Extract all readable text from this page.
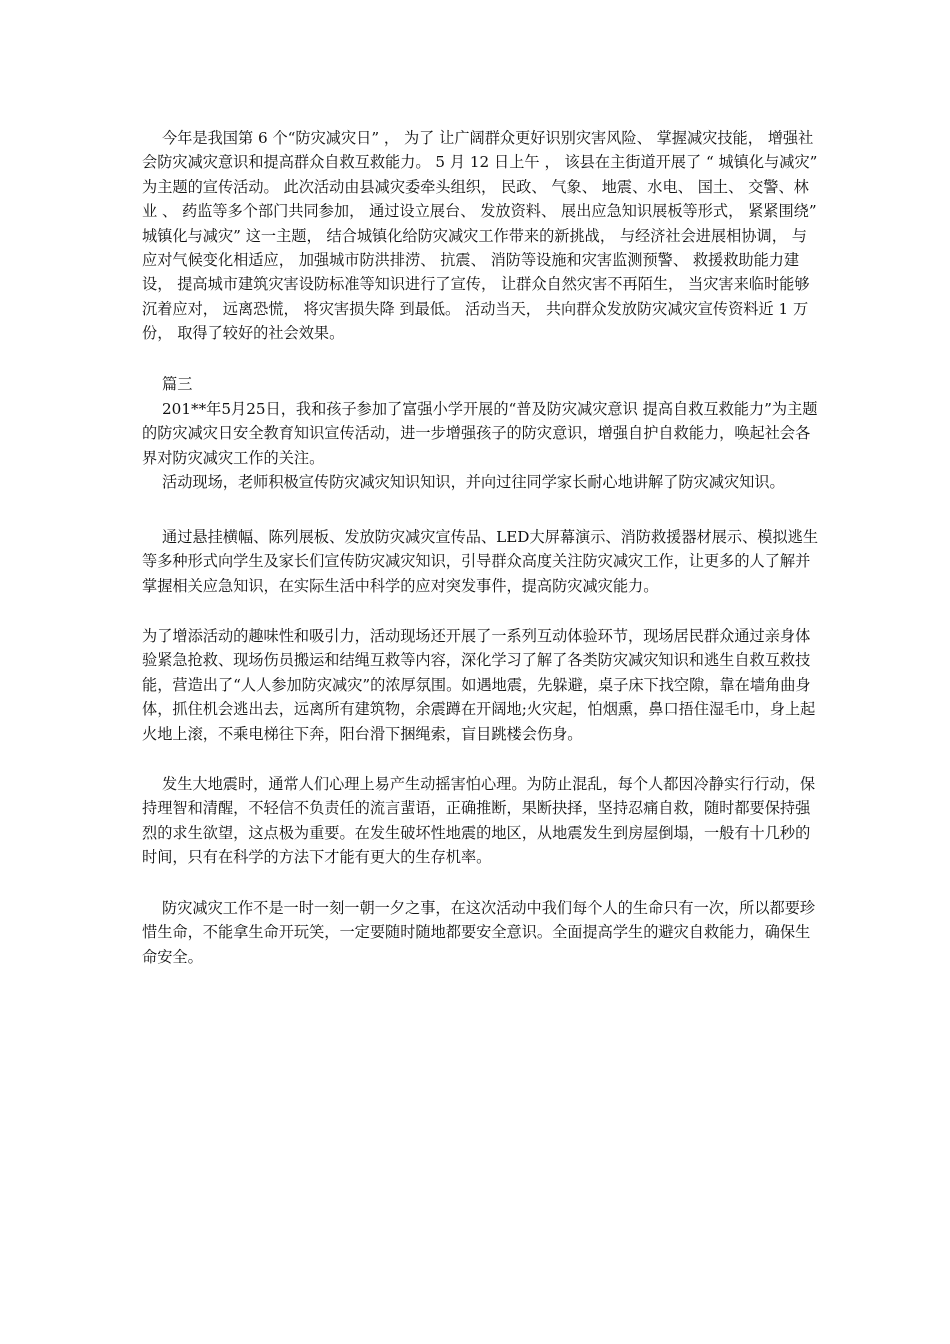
今年是我国第 6 个“防灾减灾日” ， 为了 让广阔群众更好识别灾害风险、 掌握减灾技能， 增强社会防灾减灾意识和提高群众自救互救能力。 5 月 12 日上午 ， 该县在主街道开展了 “ 城镇化与减灾” 为主题的宣传活动。 此次活动由县减灾委牵头组织， 民政、 气象、 地震、水电、 国土、 交警、林业 、 药监等多个部门共同参加， 通过设立展台、 发放资料、 展出应急知识展板等形式， 紧紧围绕” 城镇化与减灾” 这一主题， 结合城镇化给防灾减灾工作带来的新挑战， 与经济社会进展相协调， 与应对气候变化相适应， 加强城市防洪排涝、 抗震、 消防等设施和灾害监测预警、 救援救助能力建设， 提高城市建筑灾害设防标准等知识进行了宣传， 让群众自然灾害不再陌生， 当灾害来临时能够沉着应对， 远离恐慌， 将灾害损失降 到最低。 活动当天， 共向群众发放防灾减灾宣传资料近 1 万份， 取得了较好的社会效果。

篇三

201**年5月25日，我和孩子参加了富强小学开展的“普及防灾减灾意识 提高自救互救能力”为主题的防灾减灾日安全教育知识宣传活动，进一步增强孩子的防灾意识，增强自护自救能力，唤起社会各界对防灾减灾工作的关注。

活动现场，老师积极宣传防灾减灾知识知识，并向过往同学家长耐心地讲解了防灾减灾知识。

通过悬挂横幅、陈列展板、发放防灾减灾宣传品、LED大屏幕演示、消防救援器材展示、模拟逃生等多种形式向学生及家长们宣传防灾减灾知识，引导群众高度关注防灾减灾工作，让更多的人了解并掌握相关应急知识，在实际生活中科学的应对突发事件，提高防灾减灾能力。

为了增添活动的趣味性和吸引力，活动现场还开展了一系列互动体验环节，现场居民群众通过亲身体验紧急抢救、现场伤员搬运和结绳互救等内容，深化学习了解了各类防灾减灾知识和逃生自救互救技能，营造出了“人人参加防灾减灾”的浓厚氛围。如遇地震，先躲避，桌子床下找空隙，靠在墙角曲身体，抓住机会逃出去，远离所有建筑物，余震蹲在开阔地;火灾起，怕烟熏，鼻口捂住湿毛巾，身上起火地上滚，不乘电梯往下奔，阳台滑下捆绳索，盲目跳楼会伤身。

发生大地震时，通常人们心理上易产生动摇害怕心理。为防止混乱，每个人都因冷静实行行动，保持理智和清醒，不轻信不负责任的流言蜚语，正确推断，果断抉择，坚持忍痛自救，随时都要保持强烈的求生欲望，这点极为重要。在发生破坏性地震的地区，从地震发生到房屋倒塌，一般有十几秒的时间，只有在科学的方法下才能有更大的生存机率。

防灾减灾工作不是一时一刻一朝一夕之事，在这次活动中我们每个人的生命只有一次，所以都要珍惜生命，不能拿生命开玩笑，一定要随时随地都要安全意识。全面提高学生的避灾自救能力，确保生命安全。
